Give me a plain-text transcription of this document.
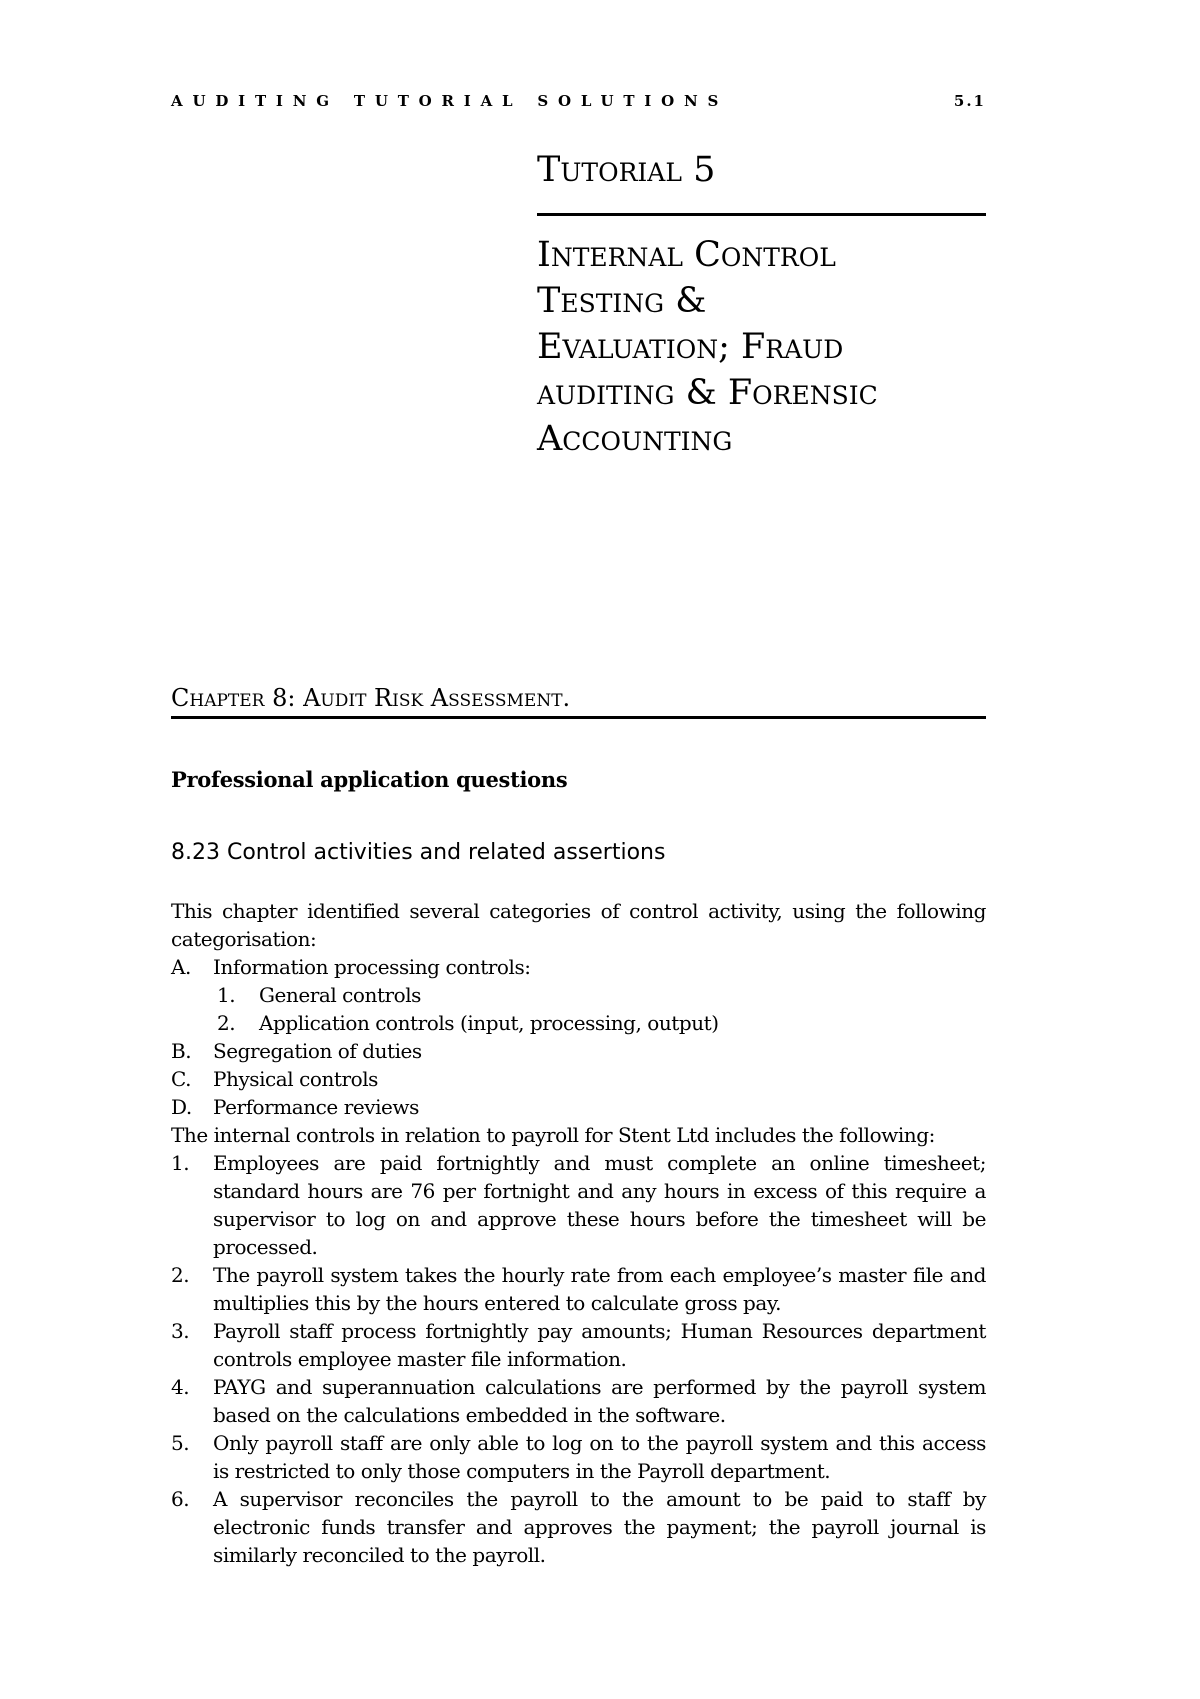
AUDITING TUTORIAL SOLUTIONS	5.1
Tutorial 5
Internal Control
Testing &
Evaluation; Fraud
auditing & Forensic
Accounting
Chapter 8: Audit Risk Assessment.
Professional application questions
8.23 Control activities and related assertions

This chapter identified several categories of control activity, using the following categorisation:

A. Information processing controls:
1. General controls
2. Application controls (input, processing, output)
B. Segregation of duties
C. Physical controls
D. Performance reviews

The internal controls in relation to payroll for Stent Ltd includes the following:

1. Employees are paid fortnightly and must complete an online timesheet; standard hours are 76 per fortnight and any hours in excess of this require a supervisor to log on and approve these hours before the timesheet will be processed.
2. The payroll system takes the hourly rate from each employee’s master file and multiplies this by the hours entered to calculate gross pay.
3. Payroll staff process fortnightly pay amounts; Human Resources department controls employee master file information.
4. PAYG and superannuation calculations are performed by the payroll system based on the calculations embedded in the software.
5. Only payroll staff are only able to log on to the payroll system and this access is restricted to only those computers in the Payroll department.
6. A supervisor reconciles the payroll to the amount to be paid to staff by electronic funds transfer and approves the payment; the payroll journal is similarly reconciled to the payroll.
